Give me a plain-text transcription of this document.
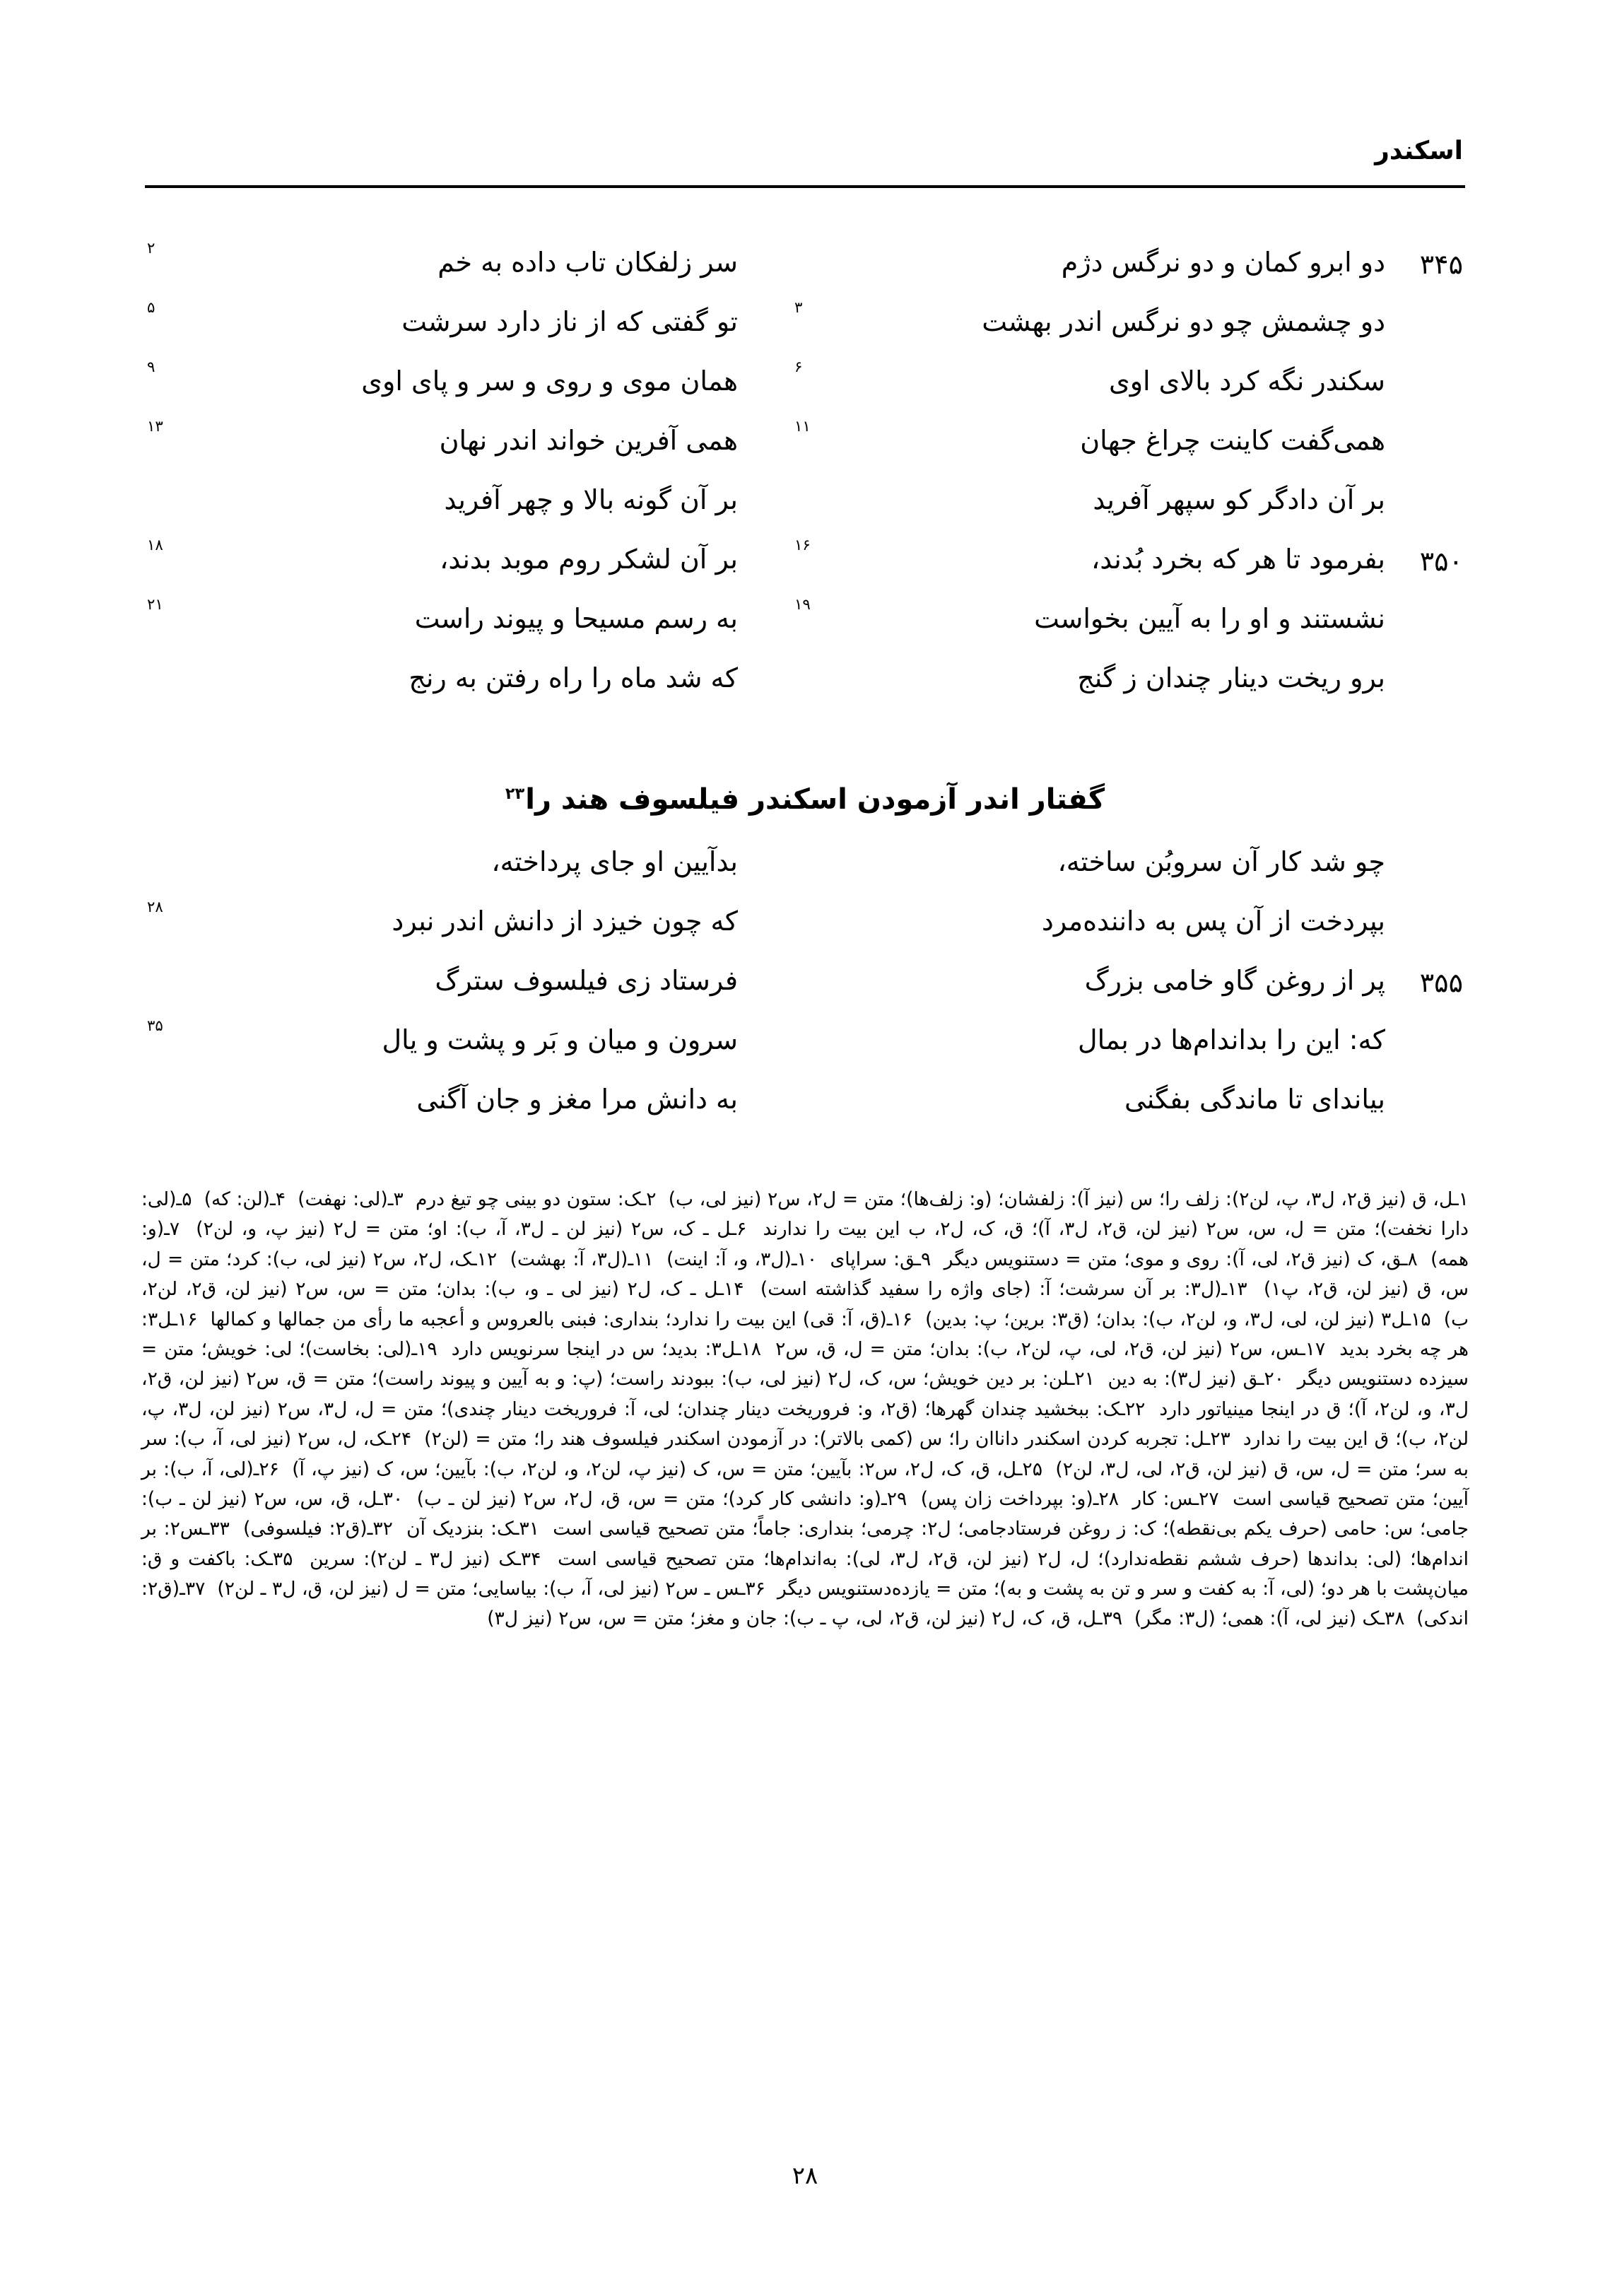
اسکندر
۳۴۵
دو ابرو کمان و دو نرگس دژم
سر زلفکان تاب داده به خم
۲
دو چشمش چو دو نرگس اندر بهشت
۳
تو گفتی که از ناز دارد سرشت
۵
سکندر نگه کرد بالای اوی
۶
همان موی و روی و سر و پای اوی
۹
همی‌گفت کاینت چراغ جهان
۱۱
همی آفرین خواند اندر نهان
۱۳
بر آن دادگر کو سپهر آفرید
بر آن گونه بالا و چهر آفرید
۳۵۰
بفرمود تا هر که بخرد بُدند،
۱۶
بر آن لشکر روم موبد بدند،
۱۸
نشستند و او را به آیین بخواست
۱۹
به رسم مسیحا و پیوند راست
۲۱
برو ریخت دینار چندان ز گنج
که شد ماه را راه رفتن به رنج
گفتار اندر آزمودن اسکندر فیلسوف هند را$^{۲۳}$
چو شد کار آن سروبُن ساخته،
بدآیین او جای پرداخته،
بپردخت از آن پس به داننده‌مرد
که چون خیزد از دانش اندر نبرد
۲۸
۳۵۵
پر از روغن گاو خامی بزرگ
فرستاد زی فیلسوف سترگ
که: این را بداندام‌ها در بمال
سرون و میان و بَر و پشت و یال
۳۵
بیاندای تا ماندگی بفگنی
به دانش مرا مغز و جان آگنی
۱ـل، ق (نیز ق۲، ل۳، پ، لن۲): زلف را؛ س (نیز آ): زلفشان؛ (و: زلف‌ها)؛ متن = ل۲، س۲ (نیز لی، ب)  ۲ـک: ستون دو بینی چو تیغ درم  ۳ـ(لی: نهفت)  ۴ـ(لن: که)  ۵ـ(لی: دارا نخفت)؛ متن = ل، س، س۲ (نیز لن، ق۲، ل۳، آ)؛ ق، ک، ل۲، ب این بیت را ندارند  ۶ـل ـ ک، س۲ (نیز لن ـ ل۳، آ، ب): او؛ متن = ل۲ (نیز پ، و، لن۲)  ۷ـ(و: همه)  ۸ـق، ک (نیز ق۲، لی، آ): روی و موی؛ متن = دستنویس دیگر  ۹ـق: سراپای  ۱۰ـ(ل۳، و، آ: اینت)  ۱۱ـ(ل۳، آ: بهشت)  ۱۲ـک، ل۲، س۲ (نیز لی، ب): کرد؛ متن = ل، س، ق (نیز لن، ق۲، پ۱)  ۱۳ـ(ل۳: بر آن سرشت؛ آ: (جای واژه را سفید گذاشته است)  ۱۴ـل ـ ک، ل۲ (نیز لی ـ و، ب): بدان؛ متن = س، س۲ (نیز لن، ق۲، لن۲، ب)  ۱۵ـل۳ (نیز لن، لی، ل۳، و، لن۲، ب): بدان؛ (ق۳: برین؛ پ: بدین)  ۱۶ـ(ق، آ: قی) این بیت را ندارد؛ بنداری: فبنی بالعروس و أعجبه ما رأی من جمالها و کمالها  ۱۶ـل۳: هر چه بخرد بدید  ۱۷ـس، س۲ (نیز لن، ق۲، لی، پ، لن۲، ب): بدان؛ متن = ل، ق، س۲  ۱۸ـل۳: بدید؛ س در اینجا سرنویس دارد  ۱۹ـ(لی: بخاست)؛ لی: خویش؛ متن = سیزده دستنویس دیگر  ۲۰ـق (نیز ل۳): به دین  ۲۱ـلن: بر دین خویش؛ س، ک، ل۲ (نیز لی، ب): ببودند راست؛ (پ: و به آیین و پیوند راست)؛ متن = ق، س۲ (نیز لن، ق۲، ل۳، و، لن۲، آ)؛ ق در اینجا مینیاتور دارد  ۲۲ـک: ببخشید چندان گهرها؛ (ق۲، و: فروریخت دینار چندان؛ لی، آ: فروریخت دینار چندی)؛ متن = ل، ل۳، س۲ (نیز لن، ل۳، پ، لن۲، ب)؛ ق این بیت را ندارد  ۲۳ـل: تجربه کردن اسکندر داناان را؛ س (کمی بالاتر): در آزمودن اسکندر فیلسوف هند را؛ متن = (لن۲)  ۲۴ـک، ل، س۲ (نیز لی، آ، ب): سر به سر؛ متن = ل، س، ق (نیز لن، ق۲، لی، ل۳، لن۲)  ۲۵ـل، ق، ک، ل۲، س۲: بآیین؛ متن = س، ک (نیز پ، لن۲، و، لن۲، ب): بآیین؛ س، ک (نیز پ، آ)  ۲۶ـ(لی، آ، ب): بر آیین؛ متن تصحیح قیاسی است  ۲۷ـس: کار  ۲۸ـ(و: بپرداخت زان پس)  ۲۹ـ(و: دانشی کار کرد)؛ متن = س، ق، ل۲، س۲ (نیز لن ـ ب)  ۳۰ـل، ق، س، س۲ (نیز لن ـ ب): جامی؛ س: حامی (حرف یکم بی‌نقطه)؛ ک: ز روغن فرستادجامی؛ ل۲: چرمی؛ بنداری: جاماً؛ متن تصحیح قیاسی است  ۳۱ـک: بنزدیک آن  ۳۲ـ(ق۲: فیلسوفی)  ۳۳ـس۲: بر اندام‌ها؛ (لی: بداندها (حرف ششم نقطه‌ندارد)؛ ل، ل۲ (نیز لن، ق۲، ل۳، لی): به‌اندام‌ها؛ متن تصحیح قیاسی است  ۳۴ـک (نیز ل۳ ـ لن۲): سرین  ۳۵ـک: باکفت و ق: میان‌پشت با هر دو؛ (لی، آ: به کفت و سر و تن به پشت و به)؛ متن = یازده‌دستنویس دیگر  ۳۶ـس ـ س۲ (نیز لی، آ، ب): بیاسایی؛ متن = ل (نیز لن، ق، ل۳ ـ لن۲)  ۳۷ـ(ق۲: اندکی)  ۳۸ـک (نیز لی، آ): همی؛ (ل۳: مگر)  ۳۹ـل، ق، ک، ل۲ (نیز لن، ق۲، لی، پ ـ ب): جان و مغز؛ متن = س، س۲ (نیز ل۳)
۲۸
